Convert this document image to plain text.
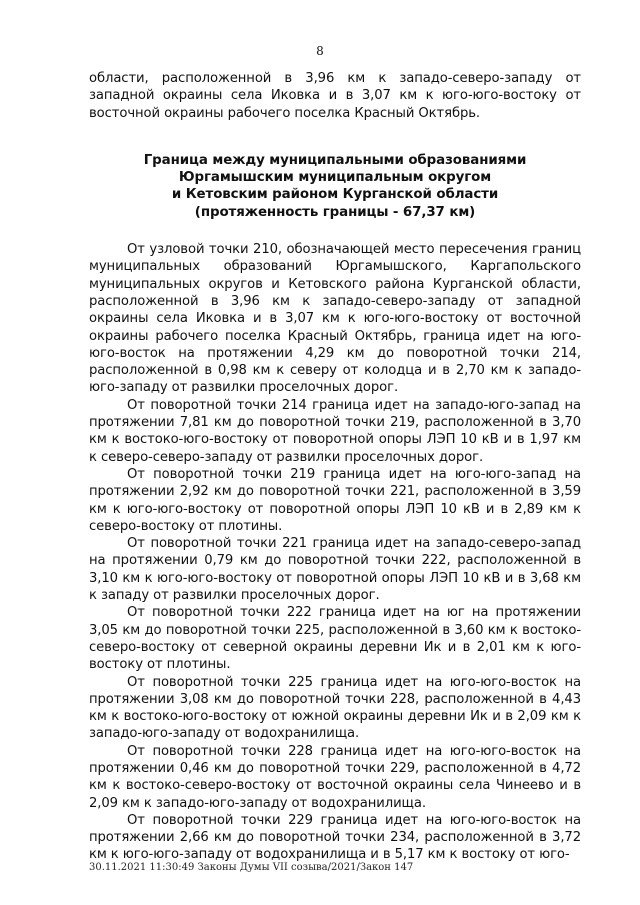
8

области, расположенной в 3,96 км к западо-северо-западу от западной окраины села Иковка и в 3,07 км к юго-юго-востоку от восточной окраины рабочего поселка Красный Октябрь.

Граница между муниципальными образованиями
Юргамышским муниципальным округом
и Кетовским районом Курганской области
(протяженность границы - 67,37 км)

От узловой точки 210, обозначающей место пересечения границ муниципальных образований Юргамышского, Каргапольского муниципальных округов и Кетовского района Курганской области, расположенной в 3,96 км к западо-северо-западу от западной окраины села Иковка и в 3,07 км к юго-юго-востоку от восточной окраины рабочего поселка Красный Октябрь, граница идет на юго-юго-восток на протяжении 4,29 км до поворотной точки 214, расположенной в 0,98 км к северу от колодца и в 2,70 км к западо-юго-западу от развилки проселочных дорог.

От поворотной точки 214 граница идет на западо-юго-запад на протяжении 7,81 км до поворотной точки 219, расположенной в 3,70 км к востоко-юго-востоку от поворотной опоры ЛЭП 10 кВ и в 1,97 км к северо-северо-западу от развилки проселочных дорог.

От поворотной точки 219 граница идет на юго-юго-запад на протяжении 2,92 км до поворотной точки 221, расположенной в 3,59 км к юго-юго-востоку от поворотной опоры ЛЭП 10 кВ и в 2,89 км к северо-востоку от плотины.

От поворотной точки 221 граница идет на западо-северо-запад на протяжении 0,79 км до поворотной точки 222, расположенной в 3,10 км к юго-юго-востоку от поворотной опоры ЛЭП 10 кВ и в 3,68 км к западу от развилки проселочных дорог.

От поворотной точки 222 граница идет на юг на протяжении 3,05 км до поворотной точки 225, расположенной в 3,60 км к востоко-северо-востоку от северной окраины деревни Ик и в 2,01 км к юго-востоку от плотины.

От поворотной точки 225 граница идет на юго-юго-восток на протяжении 3,08 км до поворотной точки 228, расположенной в 4,43 км к востоко-юго-востоку от южной окраины деревни Ик и в 2,09 км к западо-юго-западу от водохранилища.

От поворотной точки 228 граница идет на юго-юго-восток на протяжении 0,46 км до поворотной точки 229, расположенной в 4,72 км к востоко-северо-востоку от восточной окраины села Чинеево и в 2,09 км к западо-юго-западу от водохранилища.

От поворотной точки 229 граница идет на юго-юго-восток на протяжении 2,66 км до поворотной точки 234, расположенной в 3,72 км к юго-юго-западу от водохранилища и в 5,17 км к востоку от юго-

30.11.2021 11:30:49 Законы Думы VII созыва/2021/Закон 147
